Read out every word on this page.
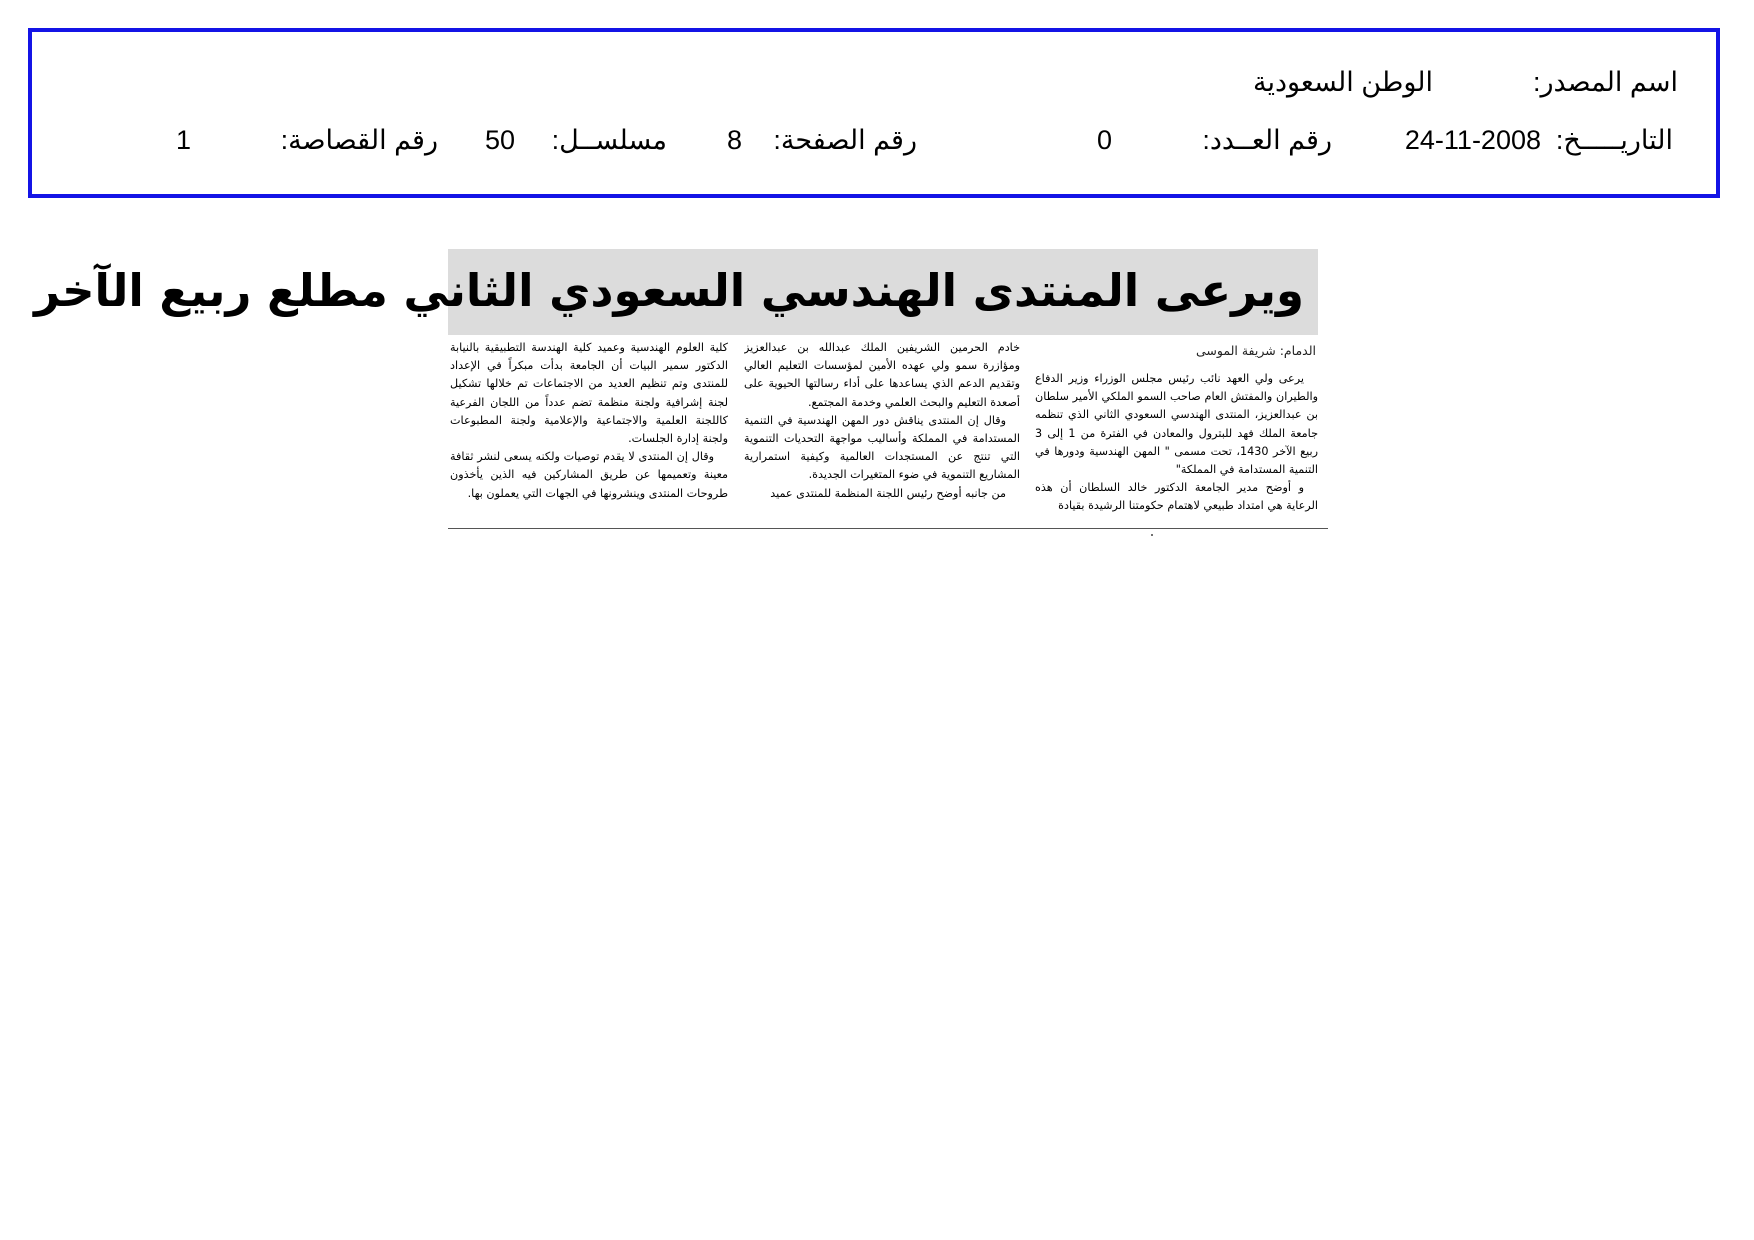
اسم المصدر:
الوطن السعودية
التاريـــــخ:
24-11-2008
رقم العــدد:
0
رقم الصفحة:
8
مسلســل:
50
رقم القصاصة:
1
ويرعى المنتدى الهندسي السعودي الثاني مطلع ربيع الآخر
الدمام: شريفة الموسى

يرعى ولي العهد نائب رئيس مجلس الوزراء وزير الدفاع والطيران والمفتش العام صاحب السمو الملكي الأمير سلطان بن عبدالعزيز، المنتدى الهندسي السعودي الثاني الذي تنظمه جامعة الملك فهد للبترول والمعادن في الفترة من 1 إلى 3 ربيع الآخر 1430، تحت مسمى " المهن الهندسية ودورها في التنمية المستدامة في المملكة"

و أوضح مدير الجامعة الدكتور خالد السلطان أن هذه الرعاية هي امتداد طبيعي لاهتمام حكومتنا الرشيدة بقيادة

خادم الحرمين الشريفين الملك عبدالله بن عبدالعزيز ومؤازرة سمو ولي عهده الأمين لمؤسسات التعليم العالي وتقديم الدعم الذي يساعدها على أداء رسالتها الحيوية على أصعدة التعليم والبحث العلمي وخدمة المجتمع.

وقال إن المنتدى يناقش دور المهن الهندسية في التنمية المستدامة في المملكة وأساليب مواجهة التحديات التنموية التي تنتج عن المستجدات العالمية وكيفية استمرارية المشاريع التنموية في ضوء المتغيرات الجديدة.

من جانبه أوضح رئيس اللجنة المنظمة للمنتدى عميد

كلية العلوم الهندسية وعميد كلية الهندسة التطبيقية بالنيابة الدكتور سمير البيات أن الجامعة بدأت مبكراً في الإعداد للمنتدى وتم تنظيم العديد من الاجتماعات تم خلالها تشكيل لجنة إشرافية ولجنة منظمة تضم عدداً من اللجان الفرعية كاللجنة العلمية والاجتماعية والإعلامية ولجنة المطبوعات ولجنة إدارة الجلسات.

وقال إن المنتدى لا يقدم توصيات ولكنه يسعى لنشر ثقافة معينة وتعميمها عن طريق المشاركين فيه الذين يأخذون طروحات المنتدى وينشرونها في الجهات التي يعملون بها.
